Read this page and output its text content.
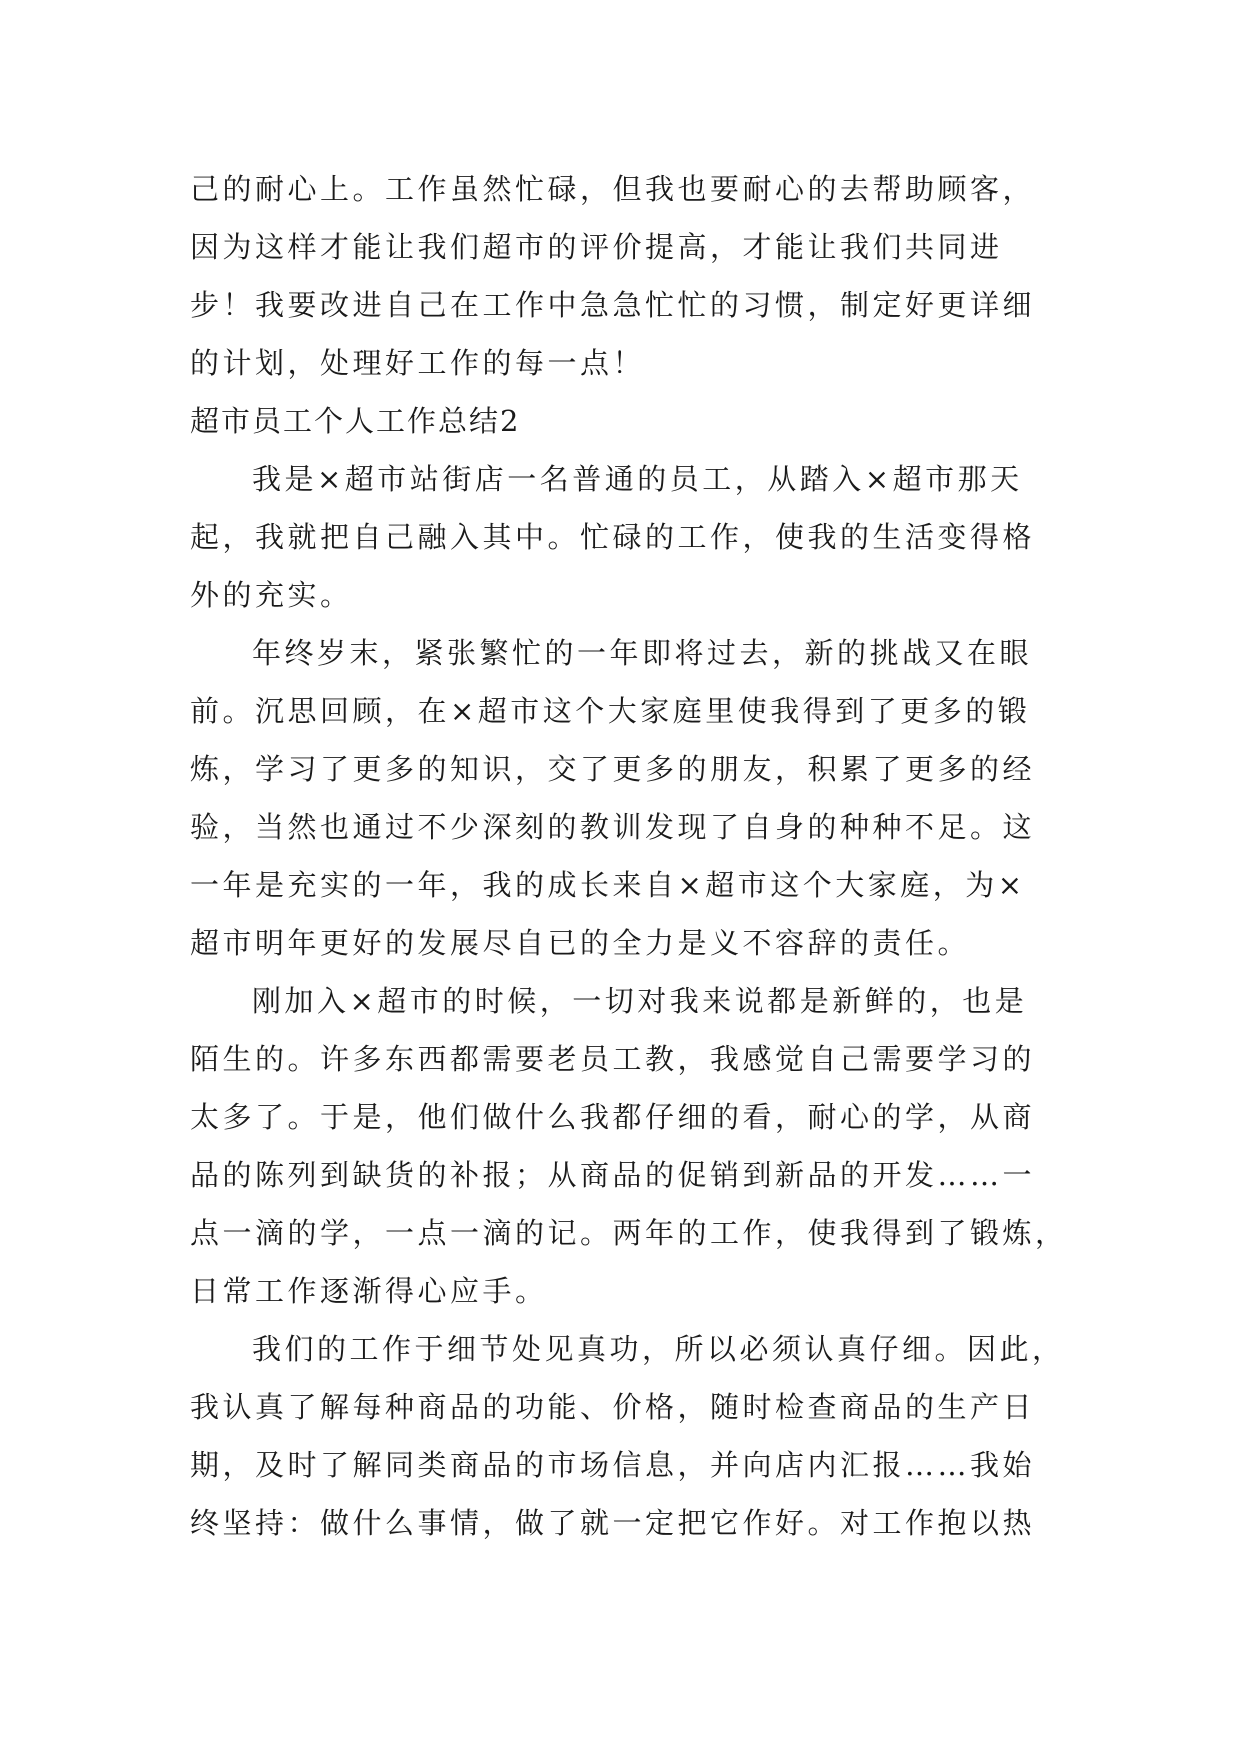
己的耐心上。工作虽然忙碌，但我也要耐心的去帮助顾客，
因为这样才能让我们超市的评价提高，才能让我们共同进
步！我要改进自己在工作中急急忙忙的习惯，制定好更详细
的计划，处理好工作的每一点！
超市员工个人工作总结2
我是×超市站街店一名普通的员工，从踏入×超市那天
起，我就把自己融入其中。忙碌的工作，使我的生活变得格
外的充实。
年终岁末，紧张繁忙的一年即将过去，新的挑战又在眼
前。沉思回顾，在×超市这个大家庭里使我得到了更多的锻
炼，学习了更多的知识，交了更多的朋友，积累了更多的经
验，当然也通过不少深刻的教训发现了自身的种种不足。这
一年是充实的一年，我的成长来自×超市这个大家庭，为×
超市明年更好的发展尽自已的全力是义不容辞的责任。
刚加入×超市的时候，一切对我来说都是新鲜的，也是
陌生的。许多东西都需要老员工教，我感觉自己需要学习的
太多了。于是，他们做什么我都仔细的看，耐心的学，从商
品的陈列到缺货的补报；从商品的促销到新品的开发……一
点一滴的学，一点一滴的记。两年的工作，使我得到了锻炼，
日常工作逐渐得心应手。
我们的工作于细节处见真功，所以必须认真仔细。因此，
我认真了解每种商品的功能、价格，随时检查商品的生产日
期，及时了解同类商品的市场信息，并向店内汇报……我始
终坚持：做什么事情，做了就一定把它作好。对工作抱以热
